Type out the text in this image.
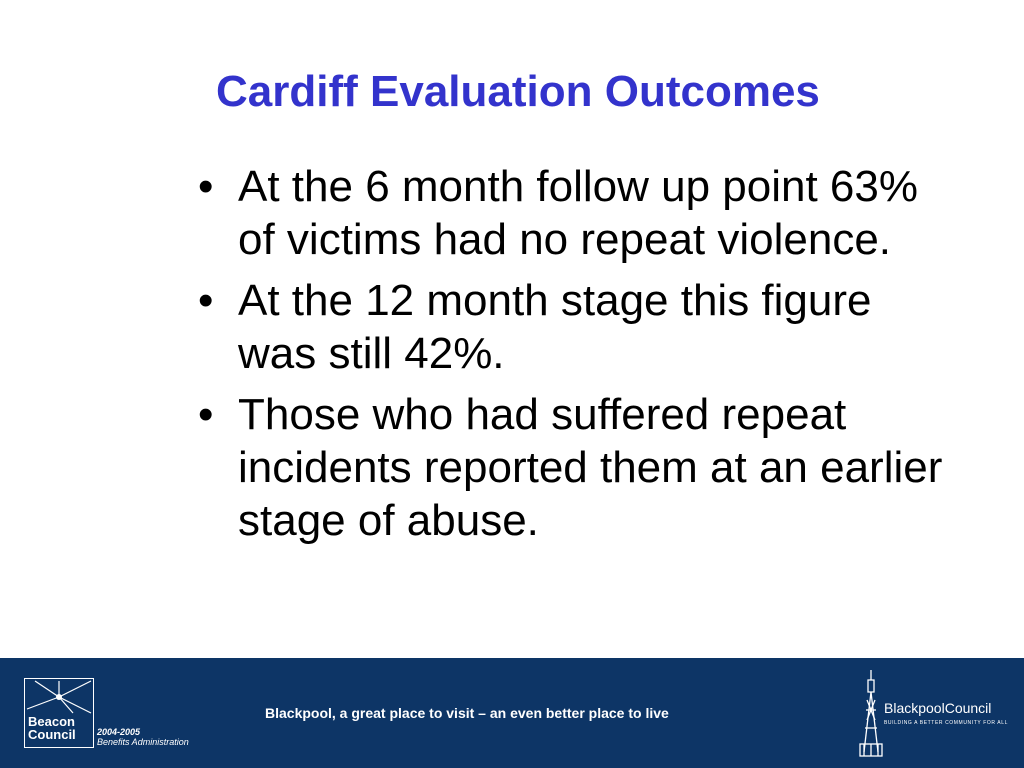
Cardiff Evaluation Outcomes
• At the 6 month follow up point 63% of victims had no repeat violence.
• At the 12 month stage this figure was still 42%.
• Those who had suffered repeat incidents reported them at an earlier stage of abuse.
Beacon Council	2004-2005
Benefits Administration
Blackpool, a great place to visit – an even better place to live	BlackpoolCouncil
BUILDING A BETTER COMMUNITY FOR ALL
